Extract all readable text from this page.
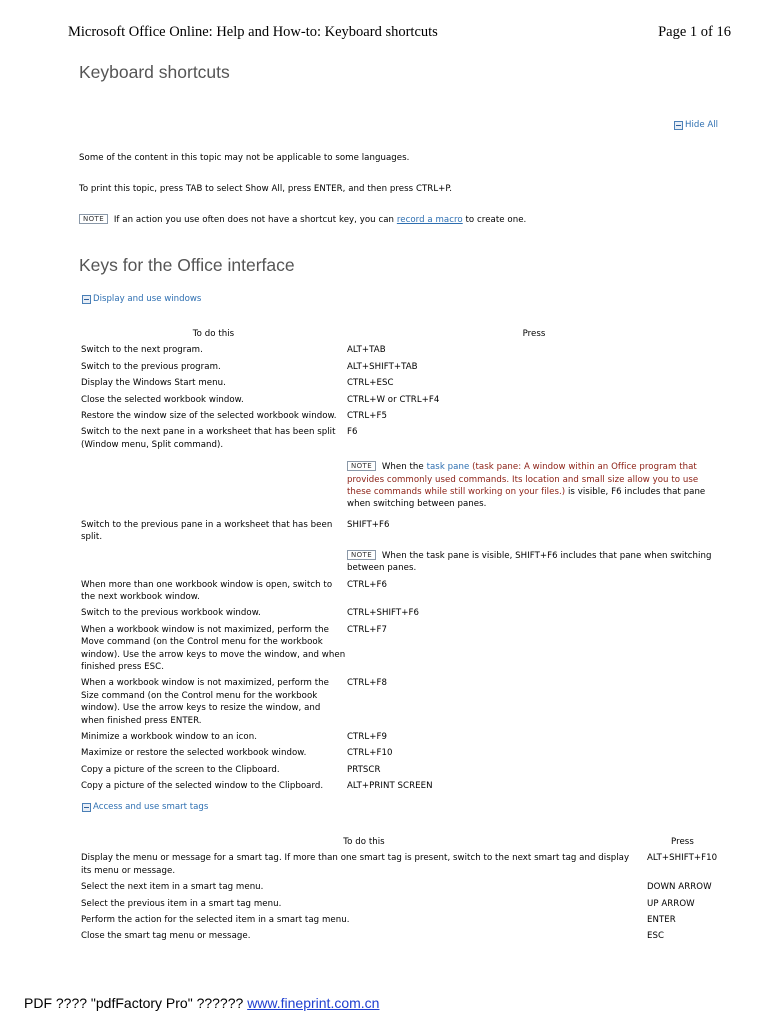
Microsoft Office Online: Help and How-to: Keyboard shortcuts	Page 1 of 16
Keyboard shortcuts
Hide All
Some of the content in this topic may not be applicable to some languages.
To print this topic, press TAB to select Show All, press ENTER, and then press CTRL+P.
NOTE If an action you use often does not have a shortcut key, you can record a macro to create one.
Keys for the Office interface
Display and use windows
To do this	Press
Switch to the next program.	ALT+TAB
Switch to the previous program.	ALT+SHIFT+TAB
Display the Windows Start menu.	CTRL+ESC
Close the selected workbook window.	CTRL+W or CTRL+F4
Restore the window size of the selected workbook window.	CTRL+F5
Switch to the next pane in a worksheet that has been split (Window menu, Split command).	F6
	NOTE When the task pane (task pane: A window within an Office program that provides commonly used commands. Its location and small size allow you to use these commands while still working on your files.) is visible, F6 includes that pane when switching between panes.
Switch to the previous pane in a worksheet that has been split.	SHIFT+F6
	NOTE When the task pane is visible, SHIFT+F6 includes that pane when switching between panes.
When more than one workbook window is open, switch to the next workbook window.	CTRL+F6
Switch to the previous workbook window.	CTRL+SHIFT+F6
When a workbook window is not maximized, perform the Move command (on the Control menu for the workbook window). Use the arrow keys to move the window, and when finished press ESC.	CTRL+F7
When a workbook window is not maximized, perform the Size command (on the Control menu for the workbook window). Use the arrow keys to resize the window, and when finished press ENTER.	CTRL+F8
Minimize a workbook window to an icon.	CTRL+F9
Maximize or restore the selected workbook window.	CTRL+F10
Copy a picture of the screen to the Clipboard.	PRTSCR
Copy a picture of the selected window to the Clipboard.	ALT+PRINT SCREEN
Access and use smart tags
To do this	Press
Display the menu or message for a smart tag. If more than one smart tag is present, switch to the next smart tag and display its menu or message.	ALT+SHIFT+F10
Select the next item in a smart tag menu.	DOWN ARROW
Select the previous item in a smart tag menu.	UP ARROW
Perform the action for the selected item in a smart tag menu.	ENTER
Close the smart tag menu or message.	ESC
PDF ???? "pdfFactory Pro" ?????? www.fineprint.com.cn
